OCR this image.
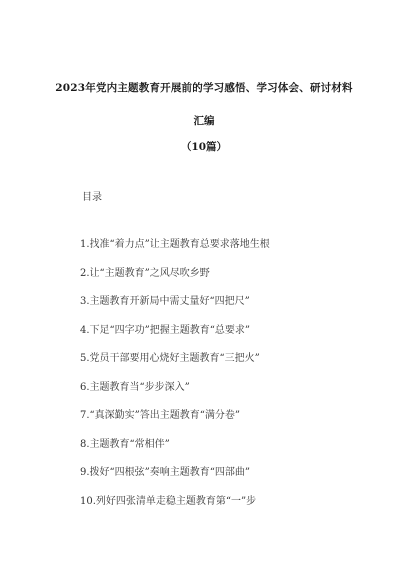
2023年党内主题教育开展前的学习感悟、学习体会、研讨材料
汇编
（10篇）
目录
1.找准“着力点”让主题教育总要求落地生根
2.让“主题教育”之风尽吹乡野
3.主题教育开新局中需丈量好“四把尺”
4.下足“四字功”把握主题教育“总要求”
5.党员干部要用心烧好主题教育“三把火”
6.主题教育当“步步深入”
7.“真深勤实”答出主题教育“满分卷”
8.主题教育“常相伴”
9.拨好“四根弦”奏响主题教育“四部曲”
10.列好四张清单走稳主题教育第“一”步
